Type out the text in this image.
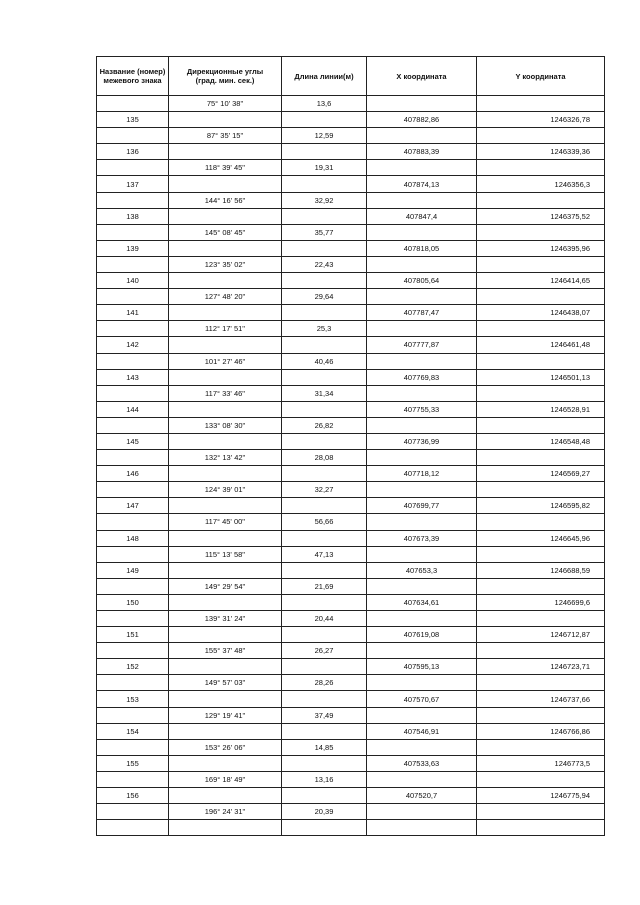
Название (номер)
межевого знака	Дирекционные углы
(град. мин. сек.)	Длина линии(м)	X координата	Y координата
	75° 10' 38"	13,6		
135			407882,86	1246326,78
	87° 35' 15"	12,59		
136			407883,39	1246339,36
	118° 39' 45"	19,31		
137			407874,13	1246356,3
	144° 16' 56"	32,92		
138			407847,4	1246375,52
	145° 08' 45"	35,77		
139			407818,05	1246395,96
	123° 35' 02"	22,43		
140			407805,64	1246414,65
	127° 48' 20"	29,64		
141			407787,47	1246438,07
	112° 17' 51"	25,3		
142			407777,87	1246461,48
	101° 27' 46"	40,46		
143			407769,83	1246501,13
	117° 33' 46"	31,34		
144			407755,33	1246528,91
	133° 08' 30"	26,82		
145			407736,99	1246548,48
	132° 13' 42"	28,08		
146			407718,12	1246569,27
	124° 39' 01"	32,27		
147			407699,77	1246595,82
	117° 45' 00"	56,66		
148			407673,39	1246645,96
	115° 13' 58"	47,13		
149			407653,3	1246688,59
	149° 29' 54"	21,69		
150			407634,61	1246699,6
	139° 31' 24"	20,44		
151			407619,08	1246712,87
	155° 37' 48"	26,27		
152			407595,13	1246723,71
	149° 57' 03"	28,26		
153			407570,67	1246737,66
	129° 19' 41"	37,49		
154			407546,91	1246766,86
	153° 26' 06"	14,85		
155			407533,63	1246773,5
	169° 18' 49"	13,16		
156			407520,7	1246775,94
	196° 24' 31"	20,39		
